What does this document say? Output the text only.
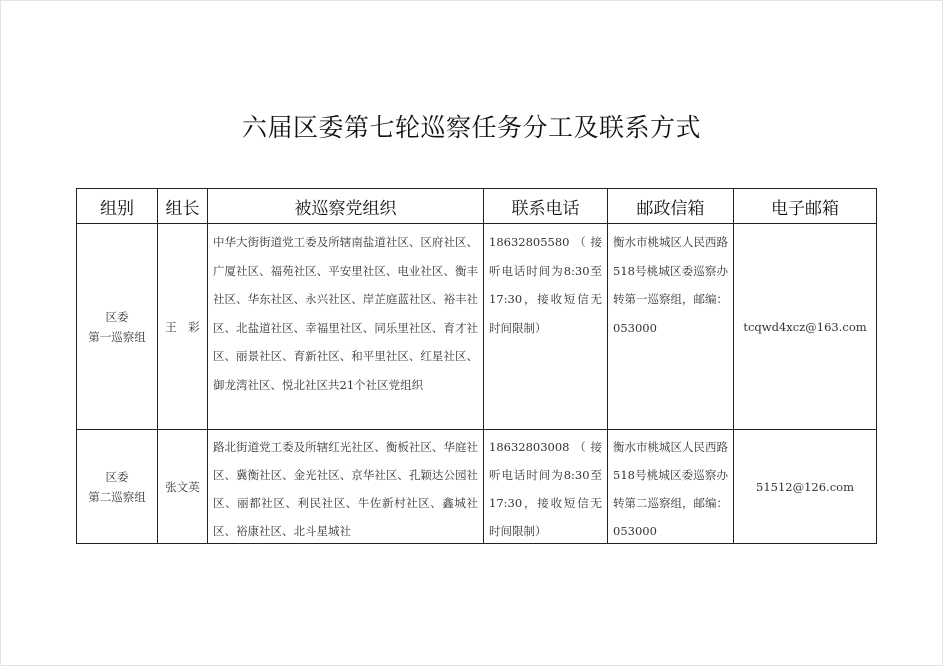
六届区委第七轮巡察任务分工及联系方式
组别	组长	被巡察党组织	联系电话	邮政信箱	电子邮箱

区委
第一巡察组	王　彩	中华大街街道党工委及所辖南盐道社区、区府社区、广厦社区、福苑社区、平安里社区、电业社区、衡丰社区、华东社区、永兴社区、岸芷庭蓝社区、裕丰社区、北盐道社区、幸福里社区、同乐里社区、育才社区、丽景社区、育新社区、和平里社区、红星社区、御龙湾社区、悦北社区共21个社区党组织	18632805580（接听电话时间为8:30至17:30，接收短信无时间限制）	衡水市桃城区人民西路518号桃城区委巡察办转第一巡察组，邮编：053000	tcqwd4xcz@163.com

区委
第二巡察组	张文英	路北街道党工委及所辖红光社区、衡板社区、华庭社区、冀衡社区、金光社区、京华社区、孔颖达公园社区、丽都社区、利民社区、牛佐新村社区、鑫城社区、裕康社区、北斗星城社	18632803008（接听电话时间为8:30至17:30，接收短信无时间限制）	衡水市桃城区人民西路518号桃城区委巡察办转第二巡察组，邮编：053000	51512@126.com
